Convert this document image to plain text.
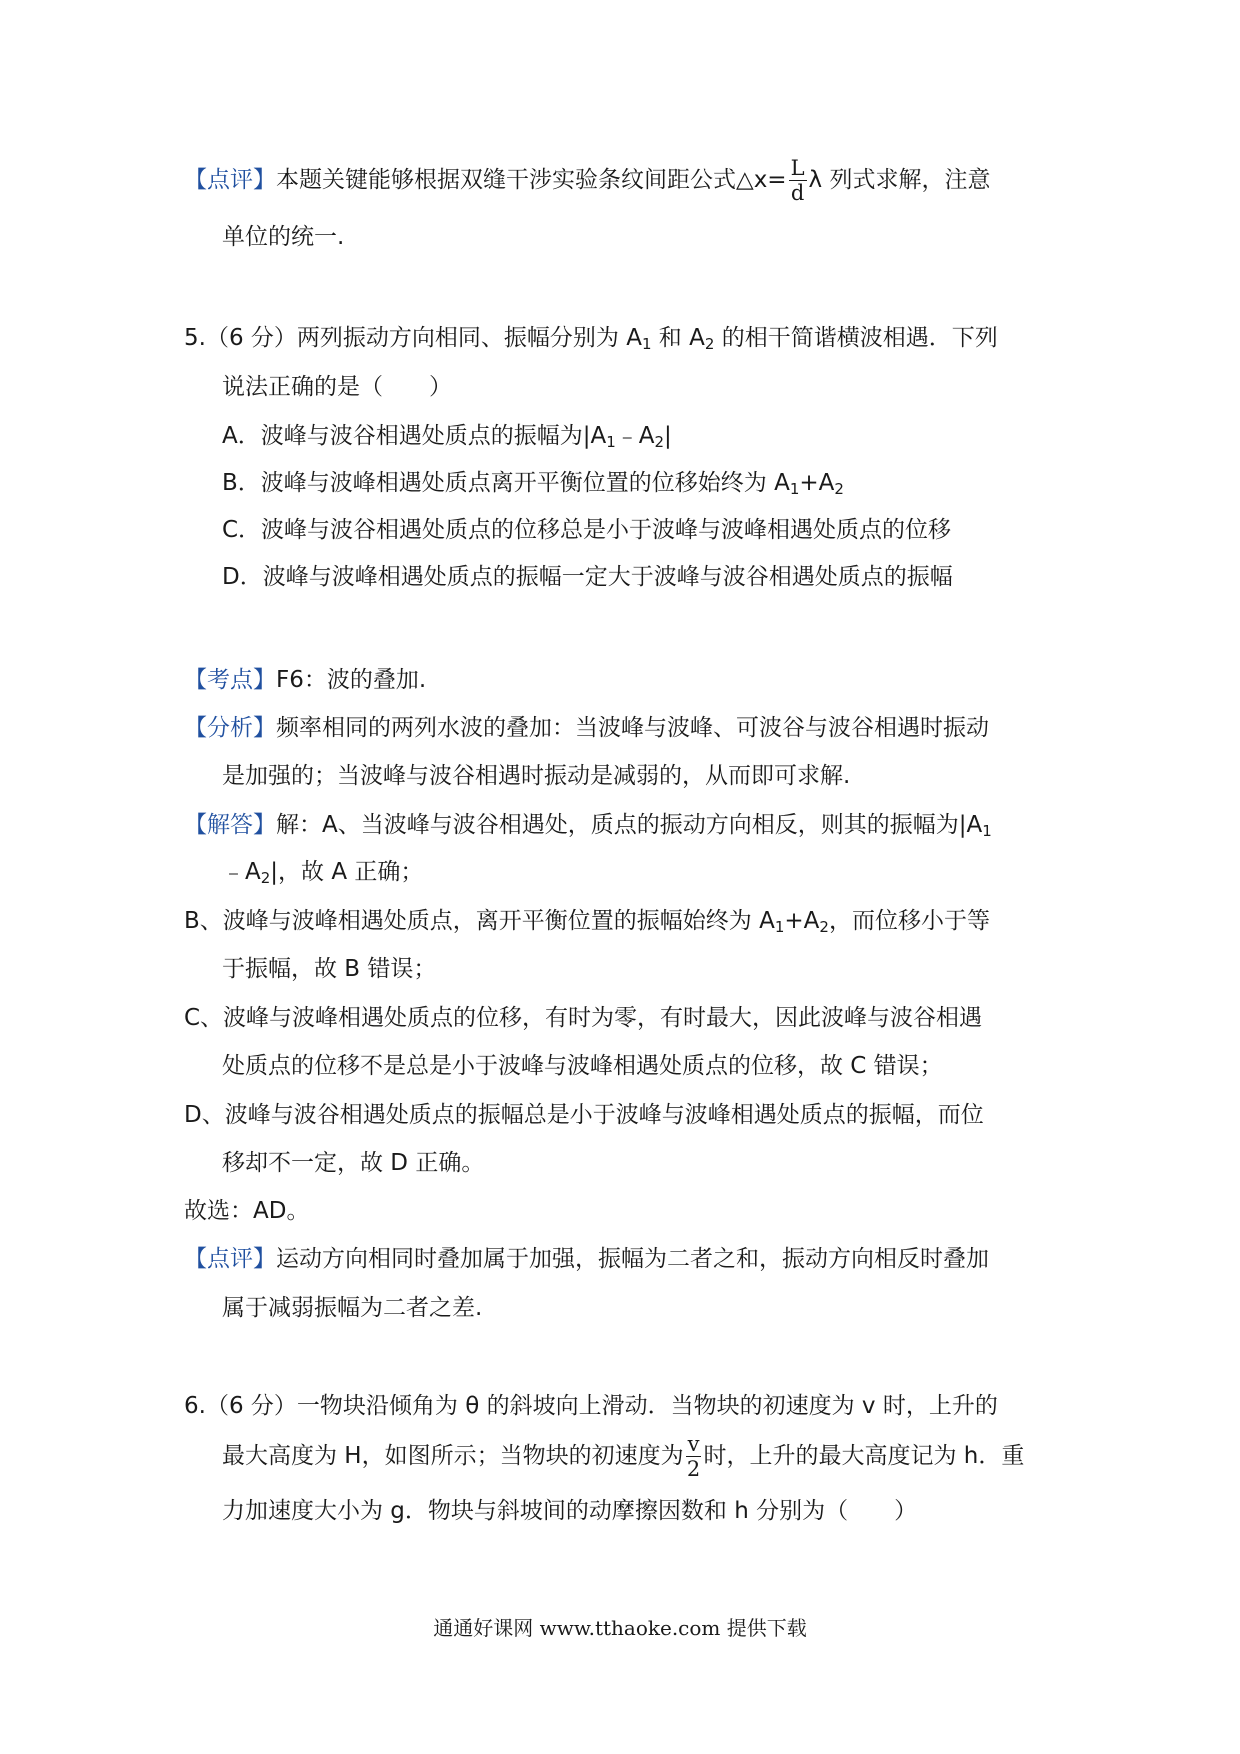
【点评】本题关键能够根据双缝干涉实验条纹间距公式△x= $\frac{L}{d}$ λ 列式求解，注意
单位的统一.
5.（6 分）两列振动方向相同、振幅分别为 $A_1$ 和 $A_2$ 的相干简谐横波相遇．下列
说法正确的是（　　）
A．波峰与波谷相遇处质点的振幅为$|A_1﹣A_2|$
B．波峰与波峰相遇处质点离开平衡位置的位移始终为 $A_1+A_2$
C．波峰与波谷相遇处质点的位移总是小于波峰与波峰相遇处质点的位移
D．波峰与波峰相遇处质点的振幅一定大于波峰与波谷相遇处质点的振幅
【考点】F6：波的叠加.
【分析】频率相同的两列水波的叠加：当波峰与波峰、可波谷与波谷相遇时振动
是加强的；当波峰与波谷相遇时振动是减弱的，从而即可求解.
【解答】解：A、当波峰与波谷相遇处，质点的振动方向相反，则其的振幅为$|A_1$
$﹣A_2|$，故 A 正确；
B、波峰与波峰相遇处质点，离开平衡位置的振幅始终为 $A_1+A_2$，而位移小于等
于振幅，故 B 错误；
C、波峰与波峰相遇处质点的位移，有时为零，有时最大，因此波峰与波谷相遇
处质点的位移不是总是小于波峰与波峰相遇处质点的位移，故 C 错误；
D、波峰与波谷相遇处质点的振幅总是小于波峰与波峰相遇处质点的振幅，而位
移却不一定，故 D 正确。
故选：AD。
【点评】运动方向相同时叠加属于加强，振幅为二者之和，振动方向相反时叠加
属于减弱振幅为二者之差.
6.（6 分）一物块沿倾角为 θ 的斜坡向上滑动．当物块的初速度为 v 时，上升的
最大高度为 H，如图所示；当物块的初速度为 $\frac{v}{2}$ 时，上升的最大高度记为 h．重
力加速度大小为 g．物块与斜坡间的动摩擦因数和 h 分别为（　　）
通通好课网 www.tthaoke.com 提供下载
